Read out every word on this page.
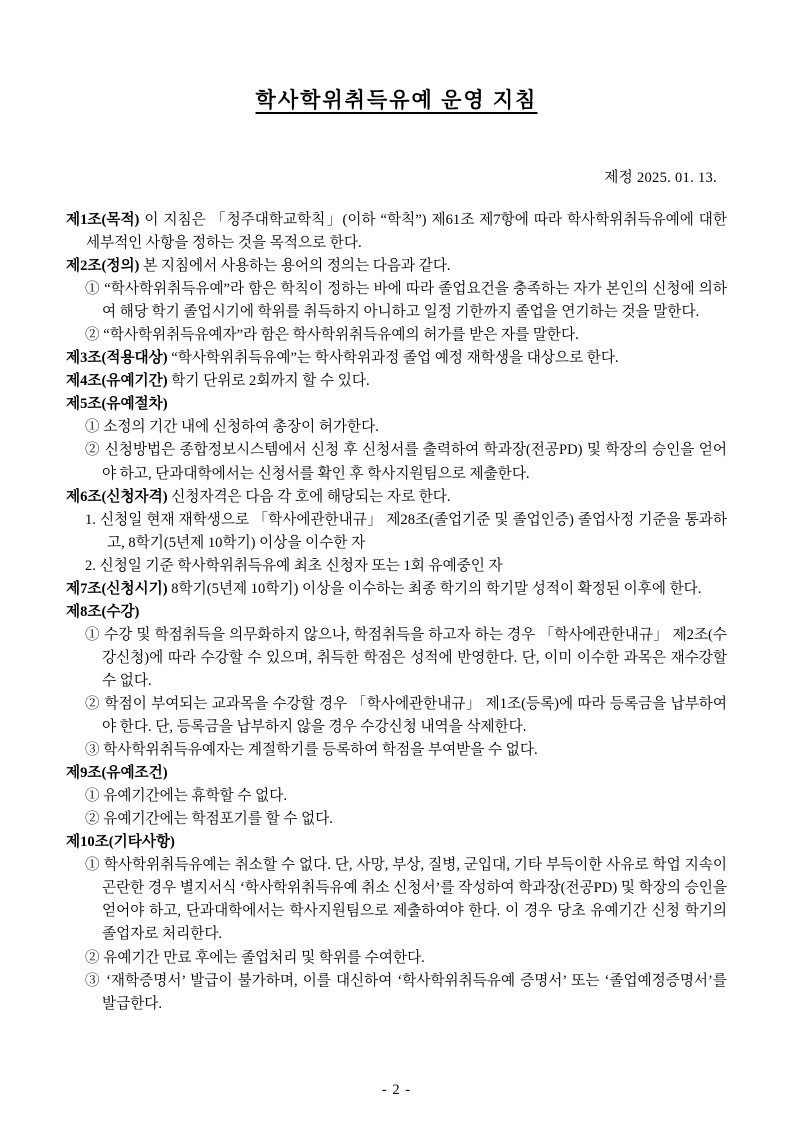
학사학위취득유예 운영 지침
제정 2025. 01. 13.

제1조(목적) 이 지침은 「청주대학교학칙」(이하 “학칙”) 제61조 제7항에 따라 학사학위취득유예에 대한 세부적인 사항을 정하는 것을 목적으로 한다.

제2조(정의) 본 지침에서 사용하는 용어의 정의는 다음과 같다.

① “학사학위취득유예”라 함은 학칙이 정하는 바에 따라 졸업요건을 충족하는 자가 본인의 신청에 의하여 해당 학기 졸업시기에 학위를 취득하지 아니하고 일정 기한까지 졸업을 연기하는 것을 말한다.

② “학사학위취득유예자”라 함은 학사학위취득유예의 허가를 받은 자를 말한다.

제3조(적용대상) “학사학위취득유예”는 학사학위과정 졸업 예정 재학생을 대상으로 한다.

제4조(유예기간) 학기 단위로 2회까지 할 수 있다.

제5조(유예절차)

① 소정의 기간 내에 신청하여 총장이 허가한다.

② 신청방법은 종합정보시스템에서 신청 후 신청서를 출력하여 학과장(전공PD) 및 학장의 승인을 얻어야 하고, 단과대학에서는 신청서를 확인 후 학사지원팀으로 제출한다.

제6조(신청자격) 신청자격은 다음 각 호에 해당되는 자로 한다.

1. 신청일 현재 재학생으로 「학사에관한내규」 제28조(졸업기준 및 졸업인증) 졸업사정 기준을 통과하고, 8학기(5년제 10학기) 이상을 이수한 자

2. 신청일 기준 학사학위취득유예 최초 신청자 또는 1회 유예중인 자

제7조(신청시기) 8학기(5년제 10학기) 이상을 이수하는 최종 학기의 학기말 성적이 확정된 이후에 한다.

제8조(수강)

① 수강 및 학점취득을 의무화하지 않으나, 학점취득을 하고자 하는 경우 「학사에관한내규」 제2조(수강신청)에 따라 수강할 수 있으며, 취득한 학점은 성적에 반영한다. 단, 이미 이수한 과목은 재수강할 수 없다.

② 학점이 부여되는 교과목을 수강할 경우 「학사에관한내규」 제1조(등록)에 따라 등록금을 납부하여야 한다. 단, 등록금을 납부하지 않을 경우 수강신청 내역을 삭제한다.

③ 학사학위취득유예자는 계절학기를 등록하여 학점을 부여받을 수 없다.

제9조(유예조건)

① 유예기간에는 휴학할 수 없다.

② 유예기간에는 학점포기를 할 수 없다.

제10조(기타사항)

① 학사학위취득유예는 취소할 수 없다. 단, 사망, 부상, 질병, 군입대, 기타 부득이한 사유로 학업 지속이 곤란한 경우 별지서식 ‘학사학위취득유예 취소 신청서’를 작성하여 학과장(전공PD) 및 학장의 승인을 얻어야 하고, 단과대학에서는 학사지원팀으로 제출하여야 한다. 이 경우 당초 유예기간 신청 학기의 졸업자로 처리한다.

② 유예기간 만료 후에는 졸업처리 및 학위를 수여한다.

③ ‘재학증명서’ 발급이 불가하며, 이를 대신하여 ‘학사학위취득유예 증명서’ 또는 ‘졸업예정증명서’를 발급한다.

- 2 -
